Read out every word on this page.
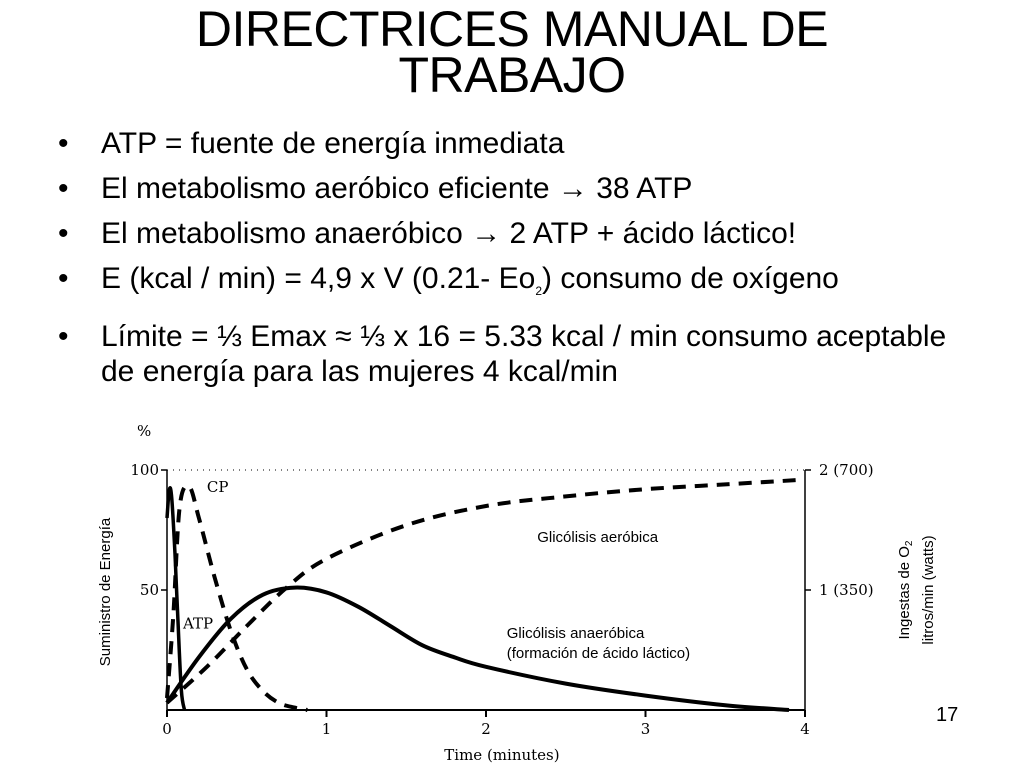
DIRECTRICES MANUAL DE
TRABAJO
• ATP = fuente de energía inmediata
• El metabolismo aeróbico eficiente → 38 ATP
• El metabolismo anaeróbico → 2 ATP + ácido láctico!
• E (kcal / min) = 4,9 x V (0.21- $Eo_2$) consumo de oxígeno
• Límite = ⅓ Emax ≈ ⅓ x 16 = 5.33 kcal / min consumo aceptable de energía para las mujeres 4 kcal/min
0	1	2	3	4
Time (minutes)
100
50
%
2 (700)
1 (350)
Suministro de Energía	Ingestas de $O_2$ litros/min (watts)
CP
ATP
Glicólisis aeróbica
Glicólisis anaeróbica
(formación de ácido láctico)
17
